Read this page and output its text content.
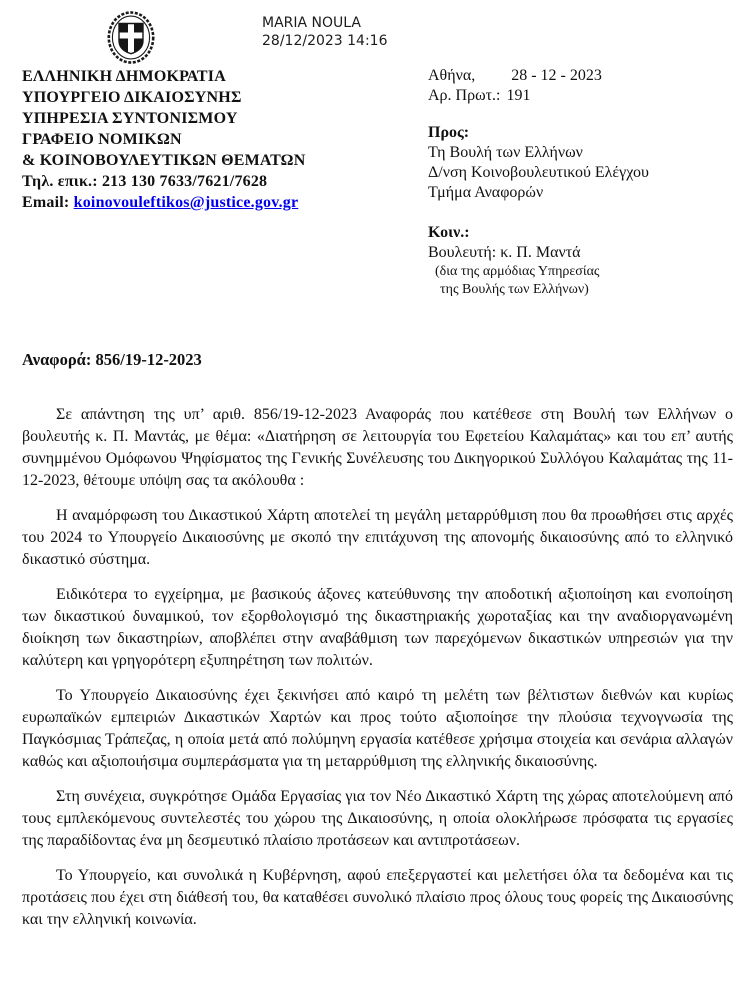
MARIA NOULA
28/12/2023 14:16
ΕΛΛΗΝΙΚΗ ΔΗΜΟΚΡΑΤΙΑ
ΥΠΟΥΡΓΕΙΟ ΔΙΚΑΙΟΣΥΝΗΣ
ΥΠΗΡΕΣΙΑ ΣΥΝΤΟΝΙΣΜΟΥ
ΓΡΑΦΕΙΟ ΝΟΜΙΚΩΝ
& ΚΟΙΝΟΒΟΥΛΕΥΤΙΚΩΝ ΘΕΜΑΤΩΝ
Τηλ. επικ.: 213 130 7633/7621/7628
Email: koinovouleftikos@justice.gov.gr
Αθήνα, 28 - 12 - 2023
Αρ. Πρωτ.: 191
Προς:
Τη Βουλή των Ελλήνων
Δ/νση Κοινοβουλευτικού Ελέγχου
Τμήμα Αναφορών
Κοιν.:
Βουλευτή: κ. Π. Μαντά
(δια της αρμόδιας Υπηρεσίας
της Βουλής των Ελλήνων)
Αναφορά: 856/19-12-2023

Σε απάντηση της υπ’ αριθ. 856/19-12-2023 Αναφοράς που κατέθεσε στη Βουλή των Ελλήνων ο βουλευτής κ. Π. Μαντάς, με θέμα: «Διατήρηση σε λειτουργία του Εφετείου Καλαμάτας» και του επ’ αυτής συνημμένου Ομόφωνου Ψηφίσματος της Γενικής Συνέλευσης του Δικηγορικού Συλλόγου Καλαμάτας της 11-12-2023, θέτουμε υπόψη σας τα ακόλουθα :

Η αναμόρφωση του Δικαστικού Χάρτη αποτελεί τη μεγάλη μεταρρύθμιση που θα προωθήσει στις αρχές του 2024 το Υπουργείο Δικαιοσύνης με σκοπό την επιτάχυνση της απονομής δικαιοσύνης από το ελληνικό δικαστικό σύστημα.

Ειδικότερα το εγχείρημα, με βασικούς άξονες κατεύθυνσης την αποδοτική αξιοποίηση και ενοποίηση των δικαστικού δυναμικού, τον εξορθολογισμό της δικαστηριακής χωροταξίας και την αναδιοργανωμένη διοίκηση των δικαστηρίων, αποβλέπει στην αναβάθμιση των παρεχόμενων δικαστικών υπηρεσιών για την καλύτερη και γρηγορότερη εξυπηρέτηση των πολιτών.

Το Υπουργείο Δικαιοσύνης έχει ξεκινήσει από καιρό τη μελέτη των βέλτιστων διεθνών και κυρίως ευρωπαϊκών εμπειριών Δικαστικών Χαρτών και προς τούτο αξιοποίησε την πλούσια τεχνογνωσία της Παγκόσμιας Τράπεζας, η οποία μετά από πολύμηνη εργασία κατέθεσε χρήσιμα στοιχεία και σενάρια αλλαγών καθώς και αξιοποιήσιμα συμπεράσματα για τη μεταρρύθμιση της ελληνικής δικαιοσύνης.

Στη συνέχεια, συγκρότησε Ομάδα Εργασίας για τον Νέο Δικαστικό Χάρτη της χώρας αποτελούμενη από τους εμπλεκόμενους συντελεστές του χώρου της Δικαιοσύνης, η οποία ολοκλήρωσε πρόσφατα τις εργασίες της παραδίδοντας ένα μη δεσμευτικό πλαίσιο προτάσεων και αντιπροτάσεων.

Το Υπουργείο, και συνολικά η Κυβέρνηση, αφού επεξεργαστεί και μελετήσει όλα τα δεδομένα και τις προτάσεις που έχει στη διάθεσή του, θα καταθέσει συνολικό πλαίσιο προς όλους τους φορείς της Δικαιοσύνης και την ελληνική κοινωνία.
